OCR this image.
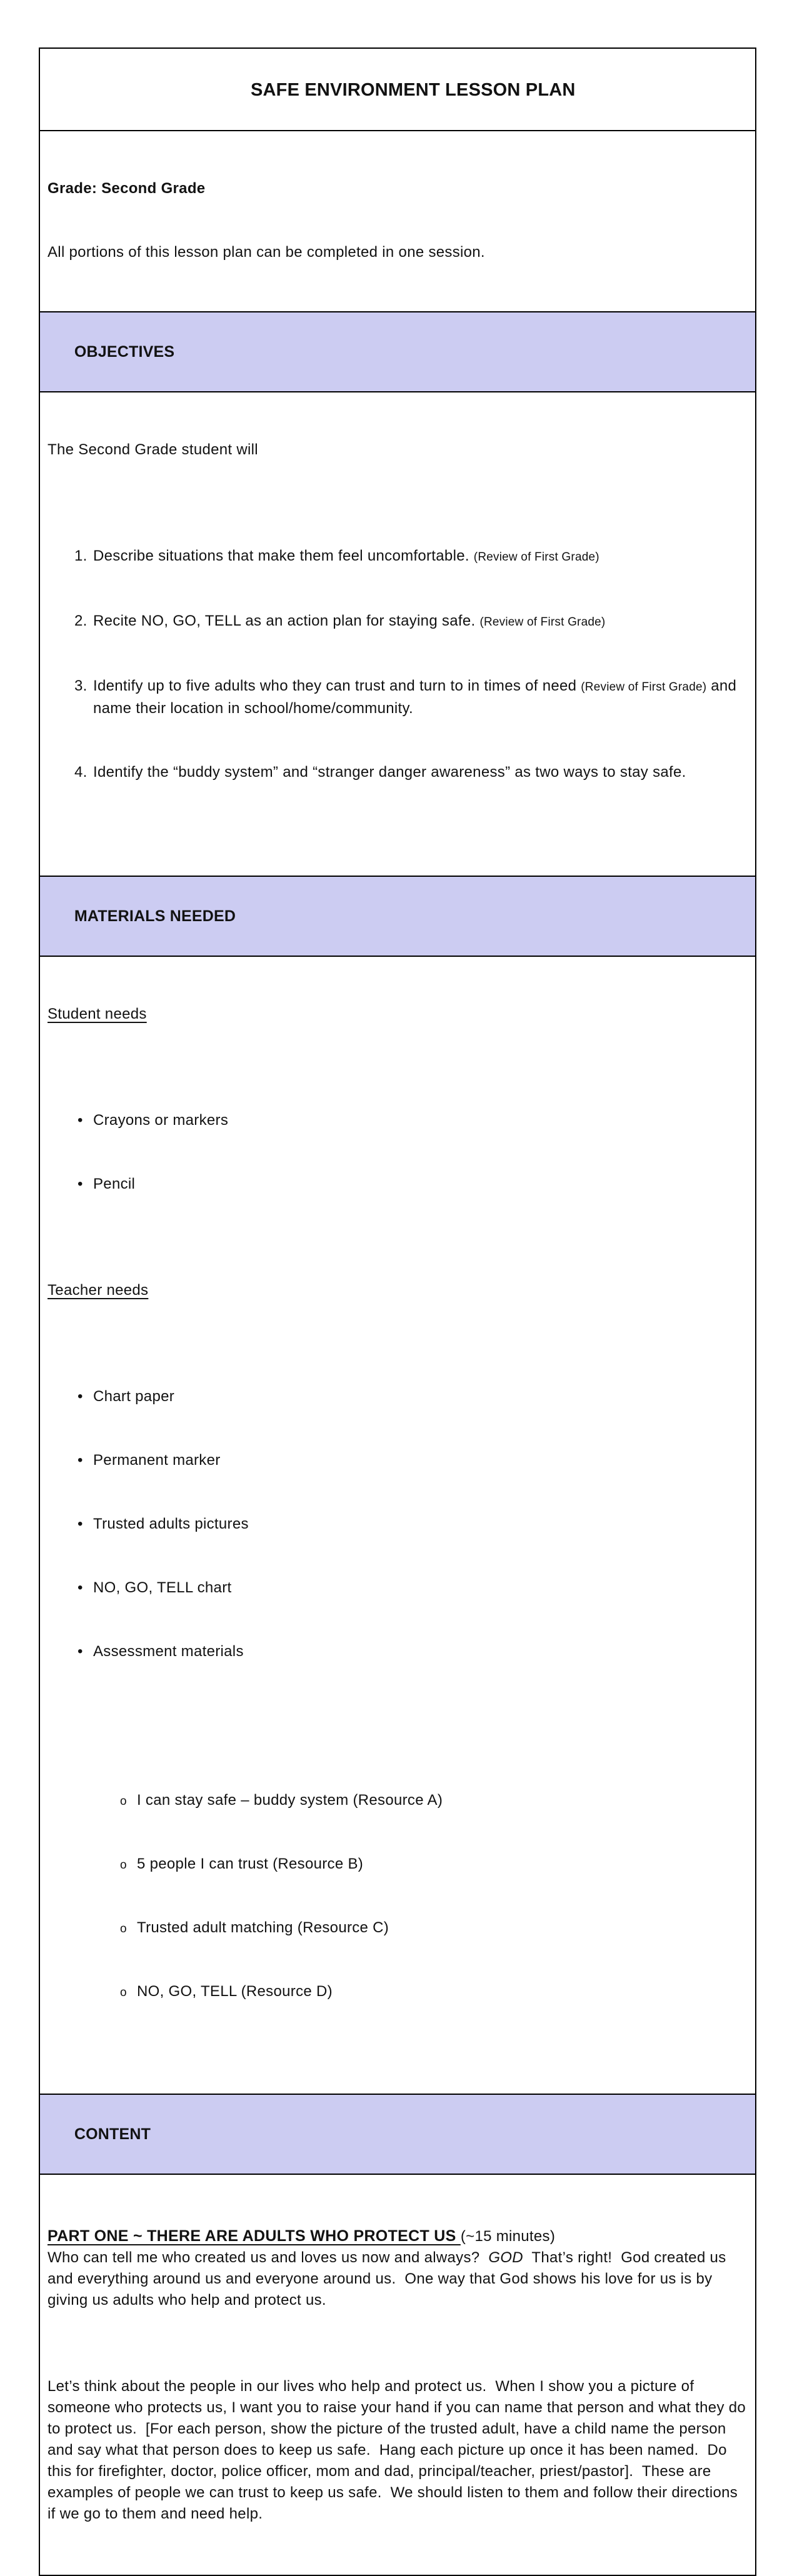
SAFE ENVIRONMENT LESSON PLAN

Grade: Second Grade

All portions of this lesson plan can be completed in one session.

OBJECTIVES

The Second Grade student will

Describe situations that make them feel uncomfortable. (Review of First Grade)

Recite NO, GO, TELL as an action plan for staying safe. (Review of First Grade)

Identify up to five adults who they can trust and turn to in times of need (Review of First Grade) and name their location in school/home/community.

Identify the “buddy system” and “stranger danger awareness” as two ways to stay safe.

MATERIALS NEEDED

Student needs

• Crayons or markers

• Pencil

Teacher needs

• Chart paper

• Permanent marker

• Trusted adults pictures

• NO, GO, TELL chart

• Assessment materials

o I can stay safe – buddy system (Resource A)

o 5 people I can trust (Resource B)

o Trusted adult matching (Resource C)

o NO, GO, TELL (Resource D)

CONTENT

PART ONE ~ THERE ARE ADULTS WHO PROTECT US (~15 minutes)
Who can tell me who created us and loves us now and always?  GOD  That’s right!  God created us and everything around us and everyone around us.  One way that God shows his love for us is by giving us adults who help and protect us.

Let’s think about the people in our lives who help and protect us.  When I show you a picture of someone who protects us, I want you to raise your hand if you can name that person and what they do to protect us.  [For each person, show the picture of the trusted adult, have a child name the person and say what that person does to keep us safe.  Hang each picture up once it has been named.  Do this for firefighter, doctor, police officer, mom and dad, principal/teacher, priest/pastor].  These are examples of people we can trust to keep us safe.  We should listen to them and follow their directions if we go to them and need help.
